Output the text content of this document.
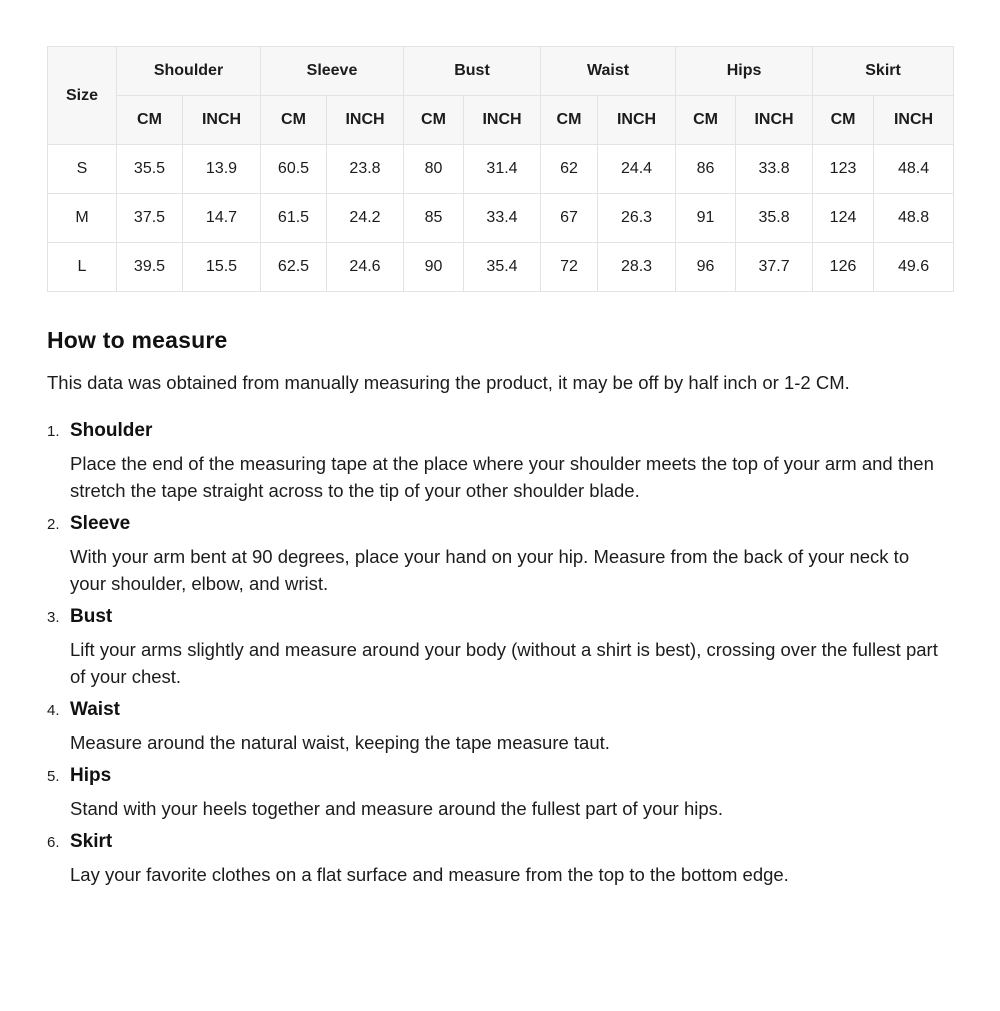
Size	Shoulder		Sleeve		Bust		Waist		Hips		Skirt	
	CM	INCH	CM	INCH	CM	INCH	CM	INCH	CM	INCH	CM	INCH
S	35.5	13.9	60.5	23.8	80	31.4	62	24.4	86	33.8	123	48.4
M	37.5	14.7	61.5	24.2	85	33.4	67	26.3	91	35.8	124	48.8
L	39.5	15.5	62.5	24.6	90	35.4	72	28.3	96	37.7	126	49.6
How to measure

This data was obtained from manually measuring the product, it may be off by half inch or 1-2 CM.

1. Shoulder

Place the end of the measuring tape at the place where your shoulder meets the top of your arm and then stretch the tape straight across to the tip of your other shoulder blade.

2. Sleeve

With your arm bent at 90 degrees, place your hand on your hip. Measure from the back of your neck to your shoulder, elbow, and wrist.

3. Bust

Lift your arms slightly and measure around your body (without a shirt is best), crossing over the fullest part of your chest.

4. Waist

Measure around the natural waist, keeping the tape measure taut.

5. Hips

Stand with your heels together and measure around the fullest part of your hips.

6. Skirt

Lay your favorite clothes on a flat surface and measure from the top to the bottom edge.
